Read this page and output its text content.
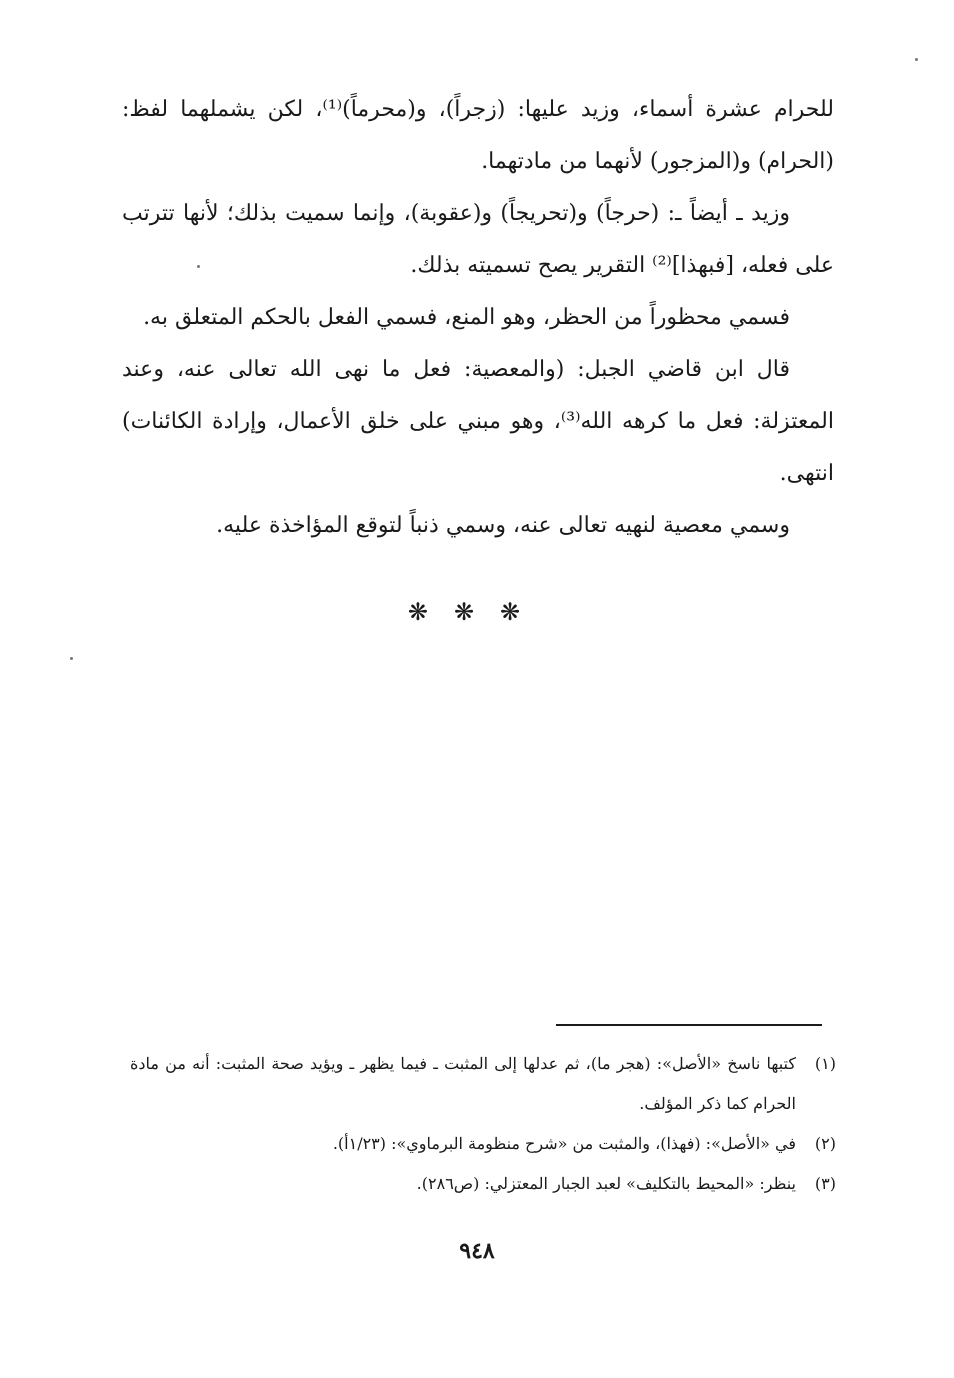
للحرام عشرة أسماء، وزيد عليها: (زجراً)، و(محرماً)⁽¹⁾، لكن يشملهما لفظ: (الحرام) و(المزجور) لأنهما من مادتهما.

وزيد ـ أيضاً ـ: (حرجاً) و(تحريجاً) و(عقوبة)، وإنما سميت بذلك؛ لأنها تترتب على فعله، [فبهذا]⁽²⁾ التقرير يصح تسميته بذلك.

فسمي محظوراً من الحظر، وهو المنع، فسمي الفعل بالحكم المتعلق به.

قال ابن قاضي الجبل: (والمعصية: فعل ما نهى الله تعالى عنه، وعند المعتزلة: فعل ما كرهه الله⁽³⁾، وهو مبني على خلق الأعمال، وإرادة الكائنات) انتهى.

وسمي معصية لنهيه تعالى عنه، وسمي ذنباً لتوقع المؤاخذة عليه.

❋❋❋
(١)
كتبها ناسخ «الأصل»: (هجر ما)، ثم عدلها إلى المثبت ـ فيما يظهر ـ ويؤيد صحة المثبت: أنه من مادة الحرام كما ذكر المؤلف.
(٢)
في «الأصل»: (فهذا)، والمثبت من «شرح منظومة البرماوي»: (١/٢٣أ).
(٣)
ينظر: «المحيط بالتكليف» لعبد الجبار المعتزلي: (ص٢٨٦).
٩٤٨
